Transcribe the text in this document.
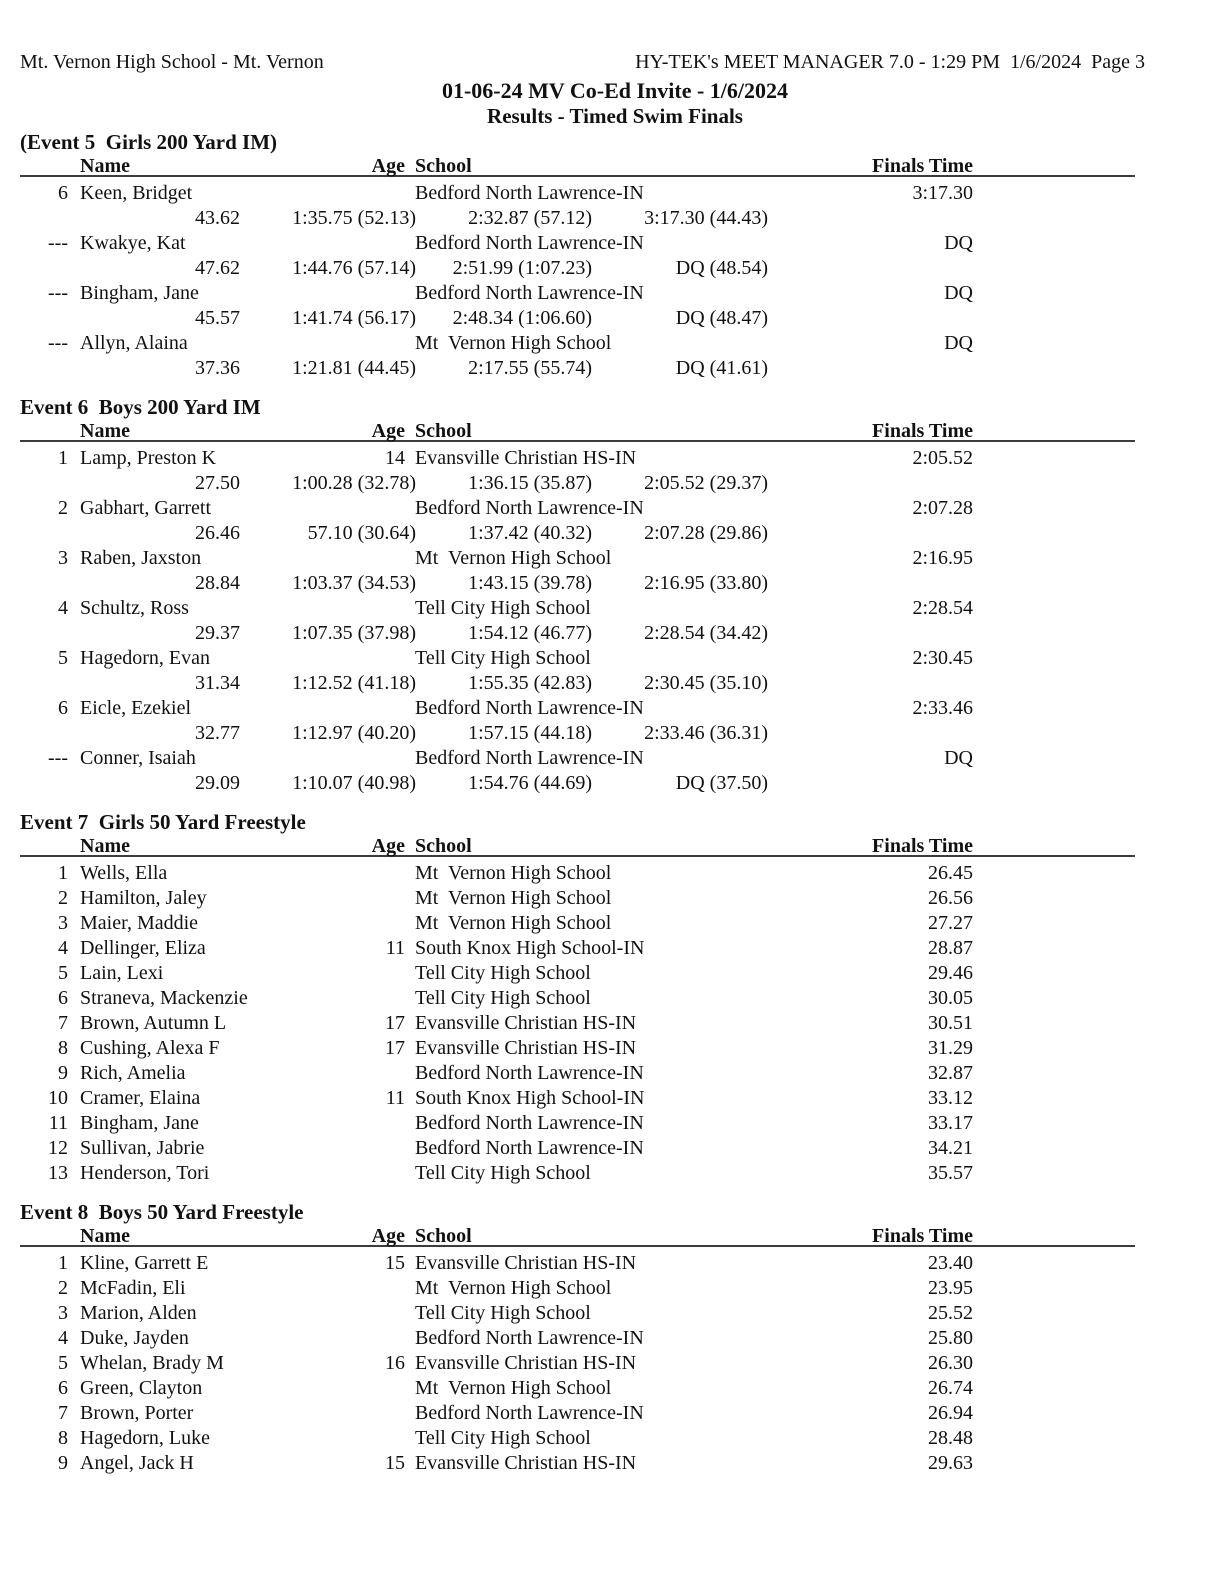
Mt. Vernon High School - Mt. Vernon	HY-TEK's MEET MANAGER 7.0 - 1:29 PM  1/6/2024  Page 3
01-06-24 MV Co-Ed Invite - 1/6/2024
Results - Timed Swim Finals
(Event 5  Girls 200 Yard IM)
Name	Age School	Finals Time
6 Keen, Bridget	Bedford North Lawrence-IN	3:17.30
43.62	1:35.75 (52.13)	2:32.87 (57.12)	3:17.30 (44.43)
--- Kwakye, Kat	Bedford North Lawrence-IN	DQ
47.62	1:44.76 (57.14)	2:51.99 (1:07.23)	DQ (48.54)
--- Bingham, Jane	Bedford North Lawrence-IN	DQ
45.57	1:41.74 (56.17)	2:48.34 (1:06.60)	DQ (48.47)
--- Allyn, Alaina	Mt  Vernon High School	DQ
37.36	1:21.81 (44.45)	2:17.55 (55.74)	DQ (41.61)
Event 6  Boys 200 Yard IM
Name	Age School	Finals Time
1 Lamp, Preston K	14 Evansville Christian HS-IN	2:05.52
27.50	1:00.28 (32.78)	1:36.15 (35.87)	2:05.52 (29.37)
2 Gabhart, Garrett	Bedford North Lawrence-IN	2:07.28
26.46	57.10 (30.64)	1:37.42 (40.32)	2:07.28 (29.86)
3 Raben, Jaxston	Mt  Vernon High School	2:16.95
28.84	1:03.37 (34.53)	1:43.15 (39.78)	2:16.95 (33.80)
4 Schultz, Ross	Tell City High School	2:28.54
29.37	1:07.35 (37.98)	1:54.12 (46.77)	2:28.54 (34.42)
5 Hagedorn, Evan	Tell City High School	2:30.45
31.34	1:12.52 (41.18)	1:55.35 (42.83)	2:30.45 (35.10)
6 Eicle, Ezekiel	Bedford North Lawrence-IN	2:33.46
32.77	1:12.97 (40.20)	1:57.15 (44.18)	2:33.46 (36.31)
--- Conner, Isaiah	Bedford North Lawrence-IN	DQ
29.09	1:10.07 (40.98)	1:54.76 (44.69)	DQ (37.50)
Event 7  Girls 50 Yard Freestyle
Name	Age School	Finals Time
1 Wells, Ella	Mt  Vernon High School	26.45
2 Hamilton, Jaley	Mt  Vernon High School	26.56
3 Maier, Maddie	Mt  Vernon High School	27.27
4 Dellinger, Eliza	11 South Knox High School-IN	28.87
5 Lain, Lexi	Tell City High School	29.46
6 Straneva, Mackenzie	Tell City High School	30.05
7 Brown, Autumn L	17 Evansville Christian HS-IN	30.51
8 Cushing, Alexa F	17 Evansville Christian HS-IN	31.29
9 Rich, Amelia	Bedford North Lawrence-IN	32.87
10 Cramer, Elaina	11 South Knox High School-IN	33.12
11 Bingham, Jane	Bedford North Lawrence-IN	33.17
12 Sullivan, Jabrie	Bedford North Lawrence-IN	34.21
13 Henderson, Tori	Tell City High School	35.57
Event 8  Boys 50 Yard Freestyle
Name	Age School	Finals Time
1 Kline, Garrett E	15 Evansville Christian HS-IN	23.40
2 McFadin, Eli	Mt  Vernon High School	23.95
3 Marion, Alden	Tell City High School	25.52
4 Duke, Jayden	Bedford North Lawrence-IN	25.80
5 Whelan, Brady M	16 Evansville Christian HS-IN	26.30
6 Green, Clayton	Mt  Vernon High School	26.74
7 Brown, Porter	Bedford North Lawrence-IN	26.94
8 Hagedorn, Luke	Tell City High School	28.48
9 Angel, Jack H	15 Evansville Christian HS-IN	29.63
